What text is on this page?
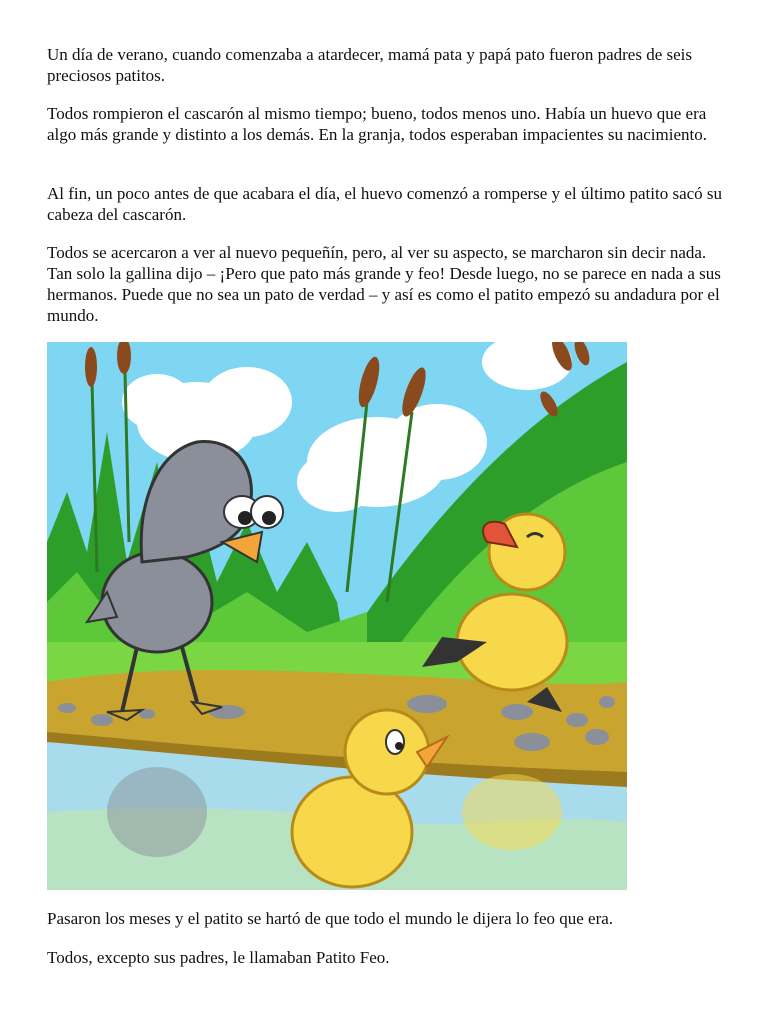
Un día de verano, cuando comenzaba a atardecer, mamá pata y papá pato fueron padres de seis preciosos patitos.

Todos rompieron el cascarón al mismo tiempo; bueno, todos menos uno. Había un huevo que era algo más grande y distinto a los demás. En la granja, todos esperaban impacientes su nacimiento.

Al fin, un poco antes de que acabara el día, el huevo comenzó a romperse y el último patito sacó su cabeza del cascarón.

Todos se acercaron a ver al nuevo pequeñín, pero, al ver su aspecto, se marcharon sin decir nada. Tan solo la gallina dijo – ¡Pero que pato más grande y feo! Desde luego, no se parece en nada a sus hermanos. Puede que no sea un pato de verdad – y así es como el patito empezó su andadura por el mundo.

Pasaron los meses y el patito se hartó de que todo el mundo le dijera lo feo que era.

Todos, excepto sus padres, le llamaban Patito Feo.
